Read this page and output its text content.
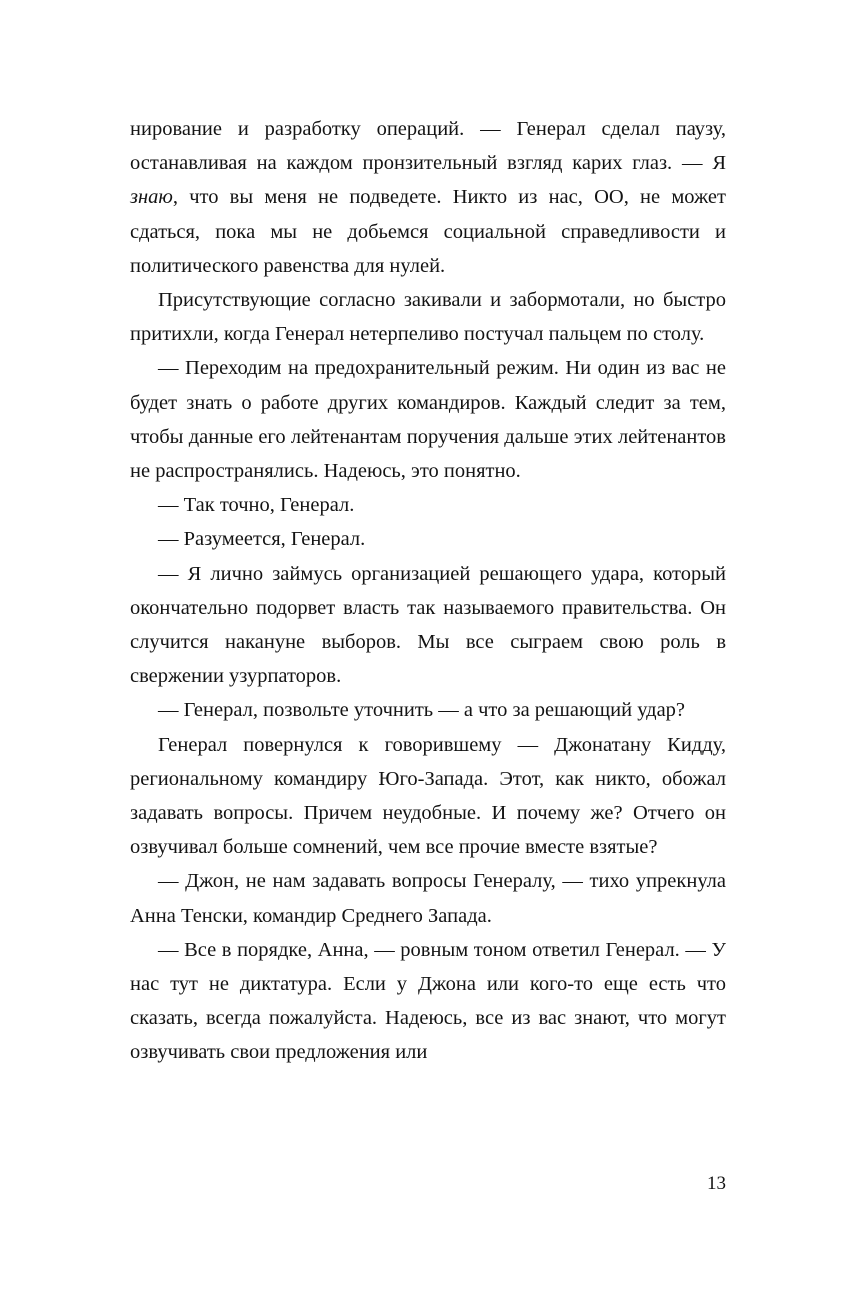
нирование и разработку операций. — Генерал сделал паузу, останавливая на каждом пронзительный взгляд карих глаз. — Я знаю, что вы меня не подведете. Никто из нас, ОО, не может сдаться, пока мы не добьемся социальной справедливости и политического равенства для нулей.

Присутствующие согласно закивали и забормотали, но быстро притихли, когда Генерал нетерпеливо постучал пальцем по столу.

— Переходим на предохранительный режим. Ни один из вас не будет знать о работе других командиров. Каждый следит за тем, чтобы данные его лейтенантам поручения дальше этих лейтенантов не распространялись. Надеюсь, это понятно.

— Так точно, Генерал.

— Разумеется, Генерал.

— Я лично займусь организацией решающего удара, который окончательно подорвет власть так называемого правительства. Он случится накануне выборов. Мы все сыграем свою роль в свержении узурпаторов.

— Генерал, позвольте уточнить — а что за решающий удар?

Генерал повернулся к говорившему — Джонатану Кидду, региональному командиру Юго-Запада. Этот, как никто, обожал задавать вопросы. Причем неудобные. И почему же? Отчего он озвучивал больше сомнений, чем все прочие вместе взятые?

— Джон, не нам задавать вопросы Генералу, — тихо упрекнула Анна Тенски, командир Среднего Запада.

— Все в порядке, Анна, — ровным тоном ответил Генерал. — У нас тут не диктатура. Если у Джона или кого-то еще есть что сказать, всегда пожалуйста. Надеюсь, все из вас знают, что могут озвучивать свои предложения или

13
